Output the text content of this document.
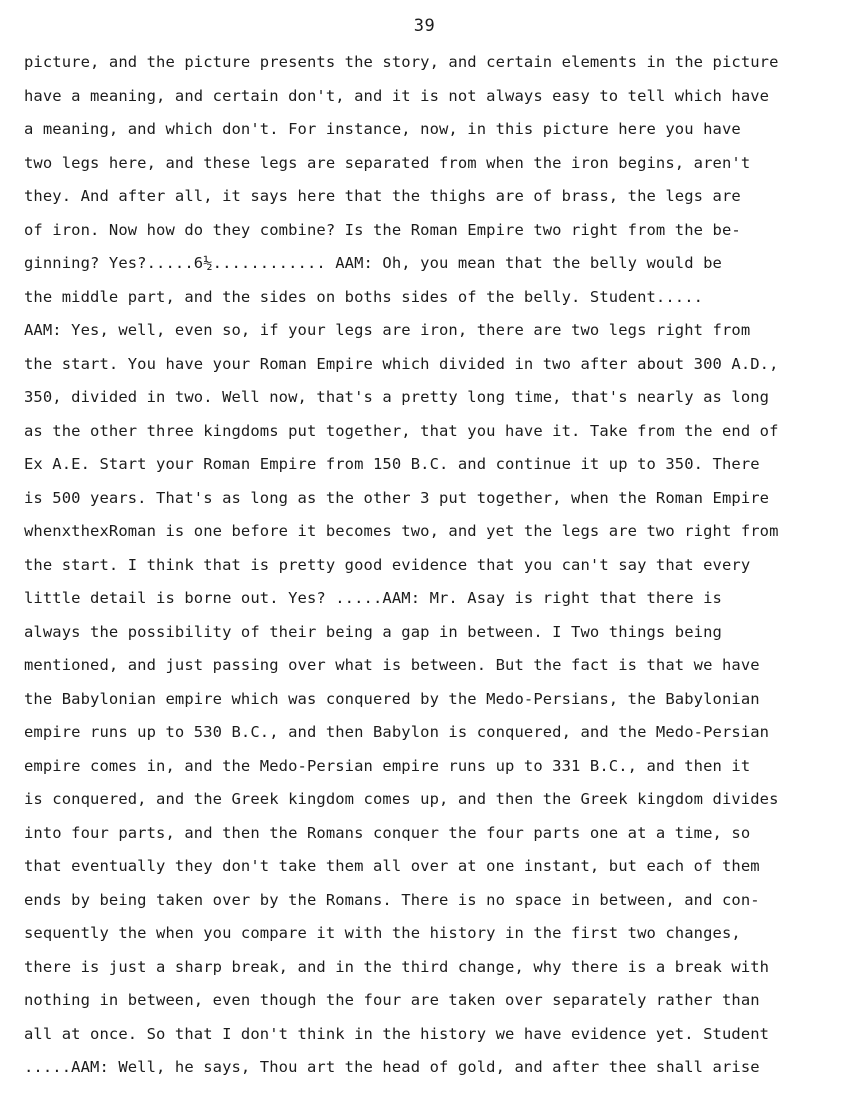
39
picture, and the picture presents the story, and certain elements in the picture
have a meaning, and certain don't, and it is not always easy to tell which have
a meaning, and which don't. For instance, now, in this picture here you have
two legs here, and these legs are separated from when the iron begins, aren't
they. And after all, it says here that the thighs are of brass, the legs are
of iron. Now how do they combine? Is the Roman Empire two right from the be-
ginning? Yes?.....6½............ AAM: Oh, you mean that the belly would be
the middle part, and the sides on boths sides of the belly. Student.....
AAM: Yes, well, even so, if your legs are iron, there are two legs right from
the start. You have your Roman Empire which divided in two after about 300 A.D.,
350, divided in two. Well now, that's a pretty long time, that's nearly as long
as the other three kingdoms put together, that you have it. Take from the end of
Ex A.E. Start your Roman Empire from 150 B.C. and continue it up to 350. There
is 500 years. That's as long as the other 3 put together, when the Roman Empire
whenxthexRoman is one before it becomes two, and yet the legs are two right from
the start. I think that is pretty good evidence that you can't say that every
little detail is borne out. Yes? .....AAM: Mr. Asay is right that there is
always the possibility of their being a gap in between. I Two things being
mentioned, and just passing over what is between. But the fact is that we have
the Babylonian empire which was conquered by the Medo-Persians, the Babylonian
empire runs up to 530 B.C., and then Babylon is conquered, and the Medo-Persian
empire comes in, and the Medo-Persian empire runs up to 331 B.C., and then it
is conquered, and the Greek kingdom comes up, and then the Greek kingdom divides
into four parts, and then the Romans conquer the four parts one at a time, so
that eventually they don't take them all over at one instant, but each of them
ends by being taken over by the Romans. There is no space in between, and con-
sequently the when you compare it with the history in the first two changes,
there is just a sharp break, and in the third change, why there is a break with
nothing in between, even though the four are taken over separately rather than
all at once. So that I don't think in the history we have evidence yet. Student
.....AAM: Well, he says, Thou art the head of gold, and after thee shall arise
